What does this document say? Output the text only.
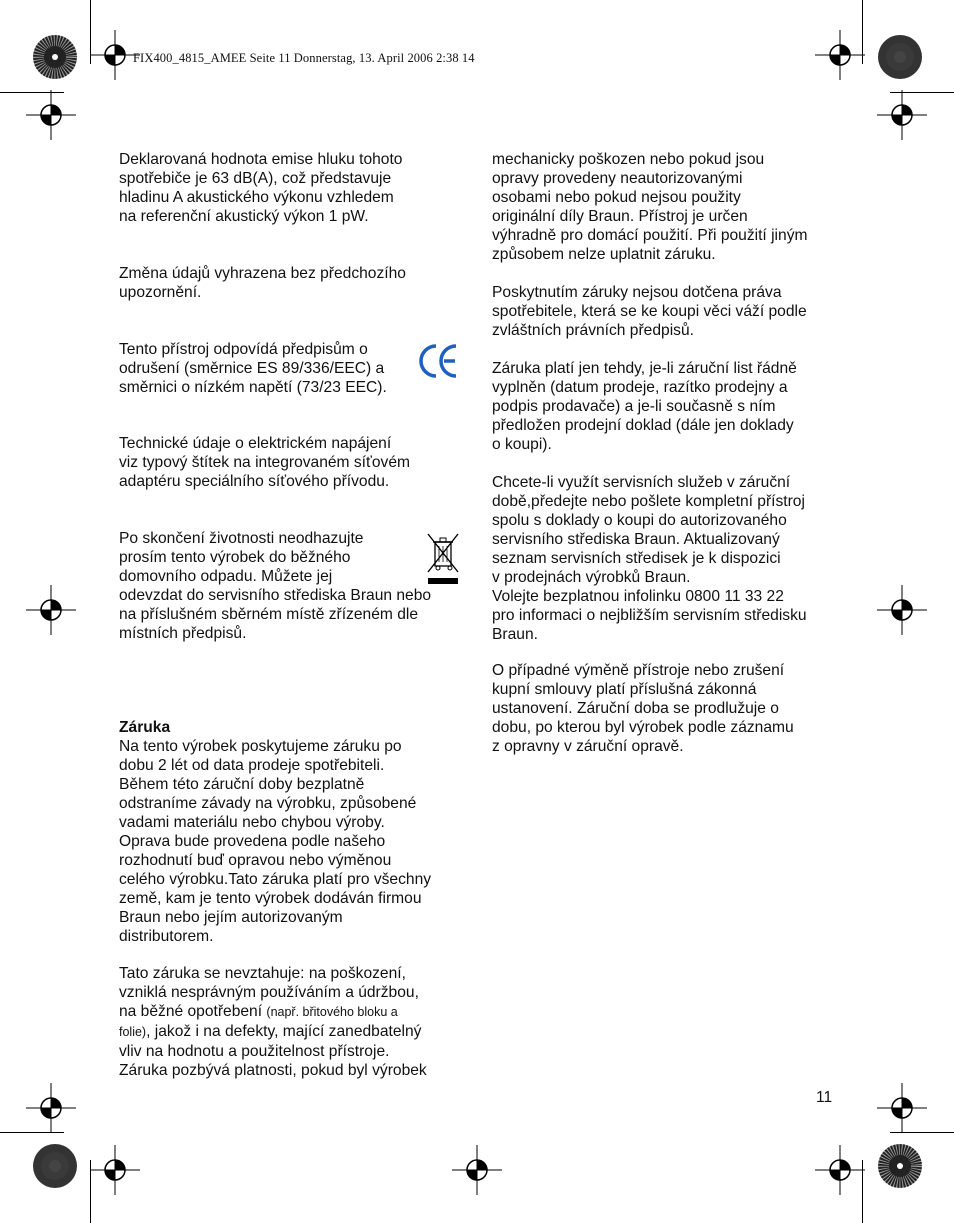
FIX400_4815_AMEE Seite 11 Donnerstag, 13. April 2006 2:38 14

Deklarovaná hodnota emise hluku tohoto
spotřebiče je 63 dB(A), což představuje
hladinu A akustického výkonu vzhledem
na referenční akustický výkon 1 pW.

Změna údajů vyhrazena bez předchozího
upozornění.

Tento přístroj odpovídá předpisům o
odrušení (směrnice ES 89/336/EEC) a
směrnici o nízkém napětí (73/23 EEC).

Technické údaje o elektrickém napájení
viz typový štítek na integrovaném síťovém
adaptéru speciálního síťového přívodu.

Po skončení životnosti neodhazujte
prosím tento výrobek do běžného
domovního odpadu. Můžete jej

odevzdat do servisního střediska Braun nebo
na příslušném sběrném místě zřízeném dle
místních předpisů.

Záruka

Na tento výrobek poskytujeme záruku po
dobu 2 lét od data prodeje spotřebiteli.
Během této záruční doby bezplatně
odstraníme závady na výrobku, způsobené
vadami materiálu nebo chybou výroby.
Oprava bude provedena podle našeho
rozhodnutí buď opravou nebo výměnou
celého výrobku.Tato záruka platí pro všechny
země, kam je tento výrobek dodáván firmou
Braun nebo jejím autorizovaným
distributorem.

Tato záruka se nevztahuje: na poškození,
vzniklá nesprávným používáním a údržbou,
na běžné opotřebení (např. břitového bloku a
folie), jakož i na defekty, mající zanedbatelný
vliv na hodnotu a použitelnost přístroje.
Záruka pozbývá platnosti, pokud byl výrobek

mechanicky poškozen nebo pokud jsou
opravy provedeny neautorizovanými
osobami nebo pokud nejsou použity
originální díly Braun. Přístroj je určen
výhradně pro domácí použití. Při použití jiným
způsobem nelze uplatnit záruku.

Poskytnutím záruky nejsou dotčena práva
spotřebitele, která se ke koupi věci váží podle
zvláštních právních předpisů.

Záruka platí jen tehdy, je-li záruční list řádně
vyplněn (datum prodeje, razítko prodejny a
podpis prodavače) a je-li současně s ním
předložen prodejní doklad (dále jen doklady
o koupi).

Chcete-li využít servisních služeb v záruční
době,předejte nebo pošlete kompletní přístroj
spolu s doklady o koupi do autorizovaného
servisního střediska Braun. Aktualizovaný
seznam servisních středisek je k dispozici
v prodejnách výrobků Braun.
Volejte bezplatnou infolinku 0800 11 33 22
pro informaci o nejbližším servisním středisku
Braun.

O případné výměně přístroje nebo zrušení
kupní smlouvy platí příslušná zákonná
ustanovení. Záruční doba se prodlužuje o
dobu, po kterou byl výrobek podle záznamu
z opravny v záruční opravě.

11
